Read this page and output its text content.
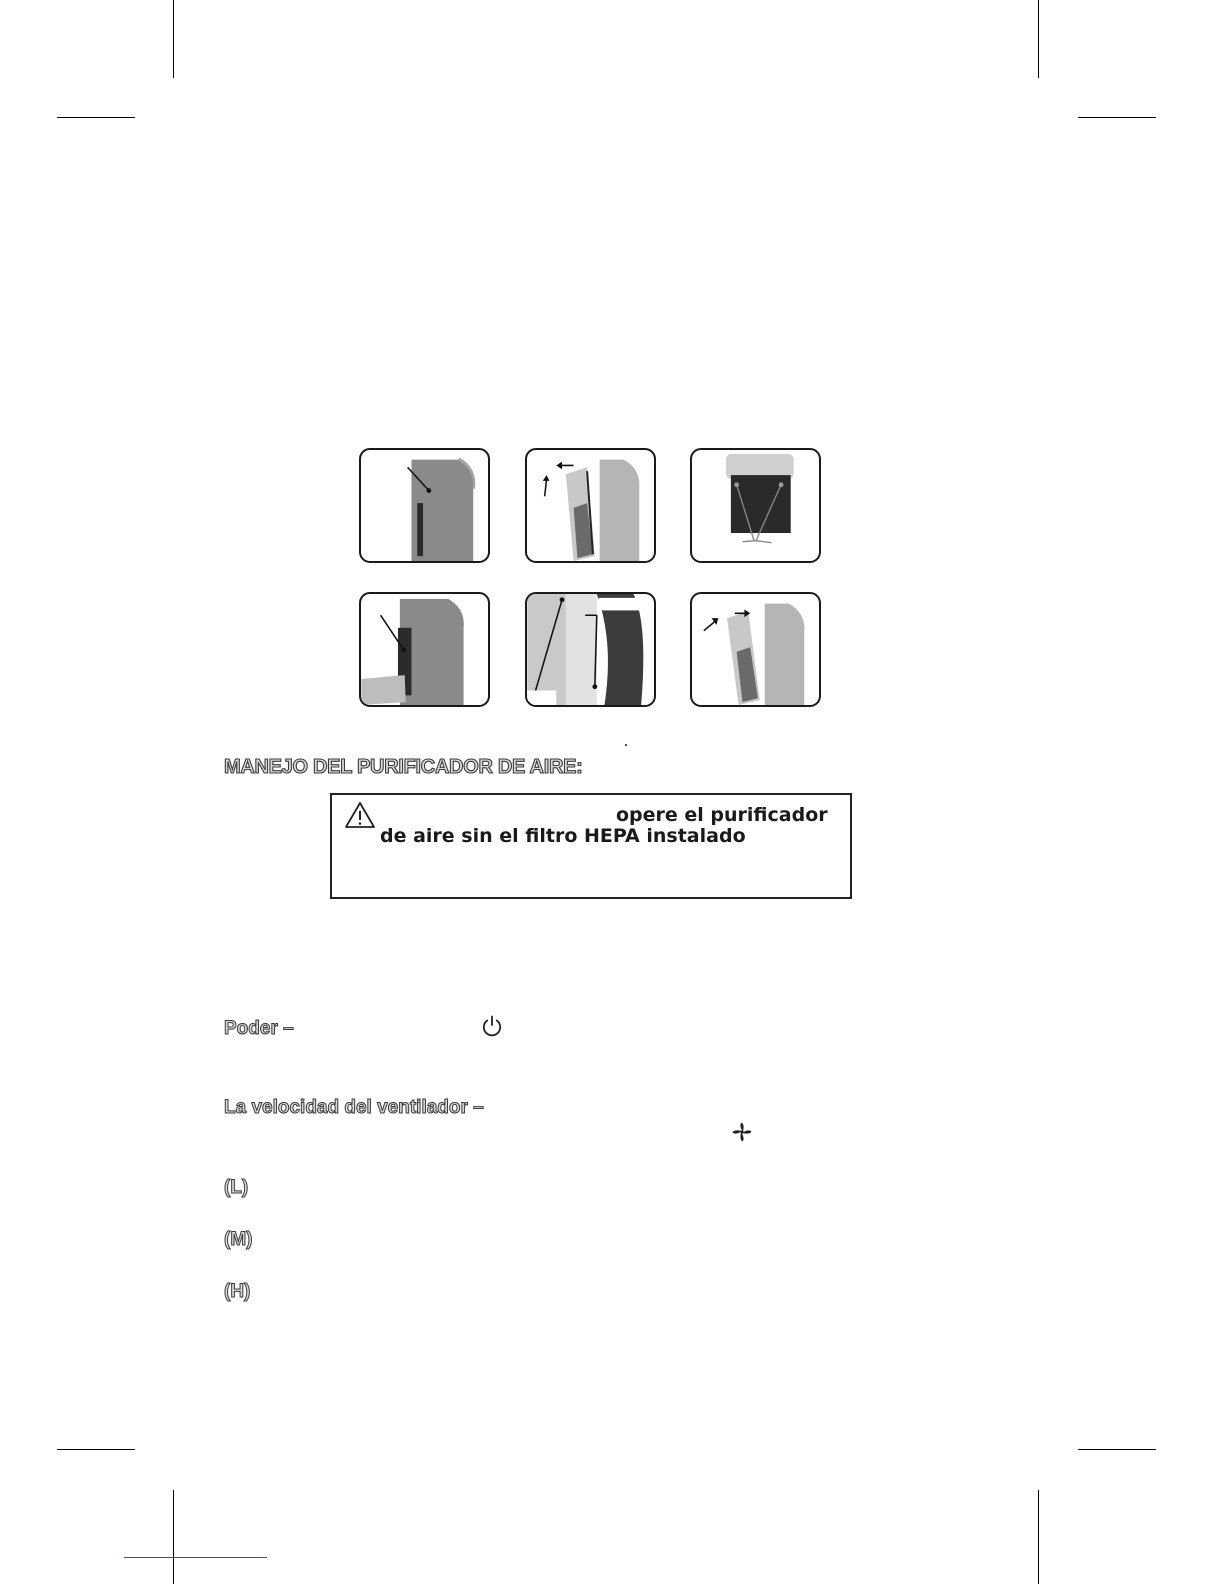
MANEJO DEL PURIFICADOR DE AIRE:
opere el purificador
de aire sin el filtro HEPA instalado
Poder –
La velocidad del ventilador –
(L)
(M)
(H)
